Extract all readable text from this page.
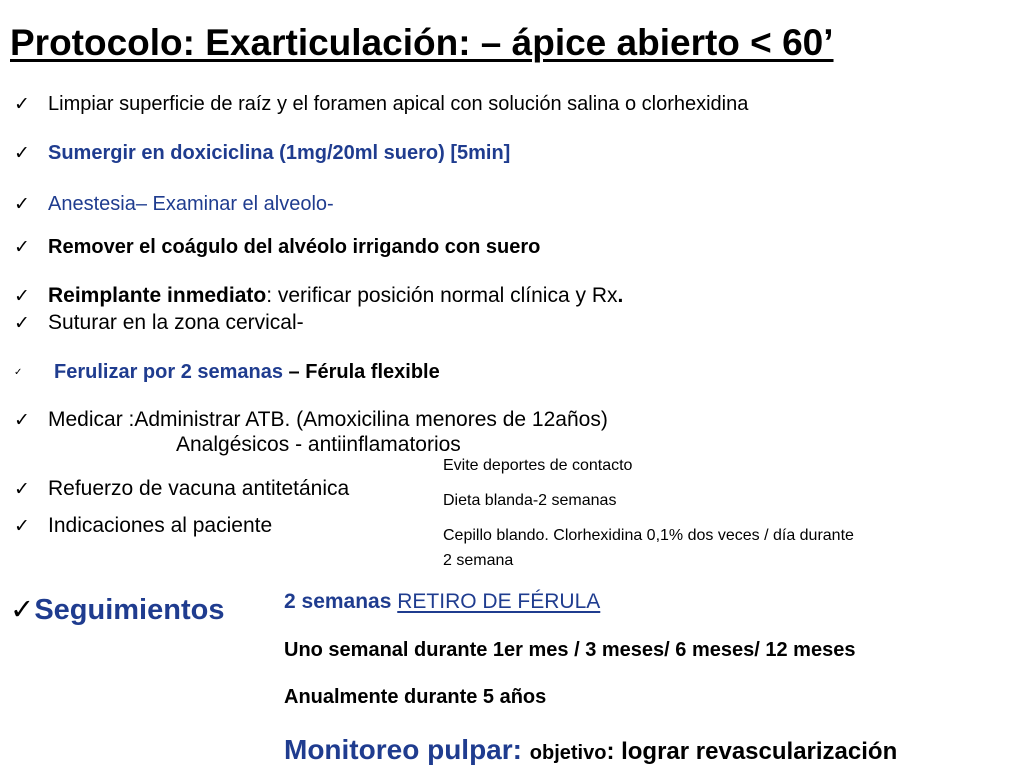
Protocolo: Exarticulación: – ápice abierto < 60’
✓ Limpiar superficie de raíz y el foramen apical con solución salina o clorhexidina
✓ Sumergir en doxiciclina (1mg/20ml suero) [5min]
✓ Anestesia– Examinar el alveolo-
✓ Remover el coágulo del alvéolo irrigando con suero
✓ Reimplante inmediato: verificar posición normal clínica y Rx.
✓ Suturar en la zona cervical-
✓ Ferulizar por 2 semanas – Férula flexible
✓ Medicar :Administrar ATB. (Amoxicilina menores de 12años)
Analgésicos - antiinflamatorios
✓ Refuerzo de vacuna antitetánica
✓ Indicaciones al paciente
Evite deportes de contacto
Dieta blanda-2 semanas
Cepillo blando. Clorhexidina 0,1% dos veces / día durante
2 semana
✓Seguimientos	2 semanas RETIRO DE FÉRULA
Uno semanal durante 1er mes / 3 meses/ 6 meses/ 12 meses
Anualmente durante 5 años
Monitoreo pulpar: objetivo: lograr revascularización
